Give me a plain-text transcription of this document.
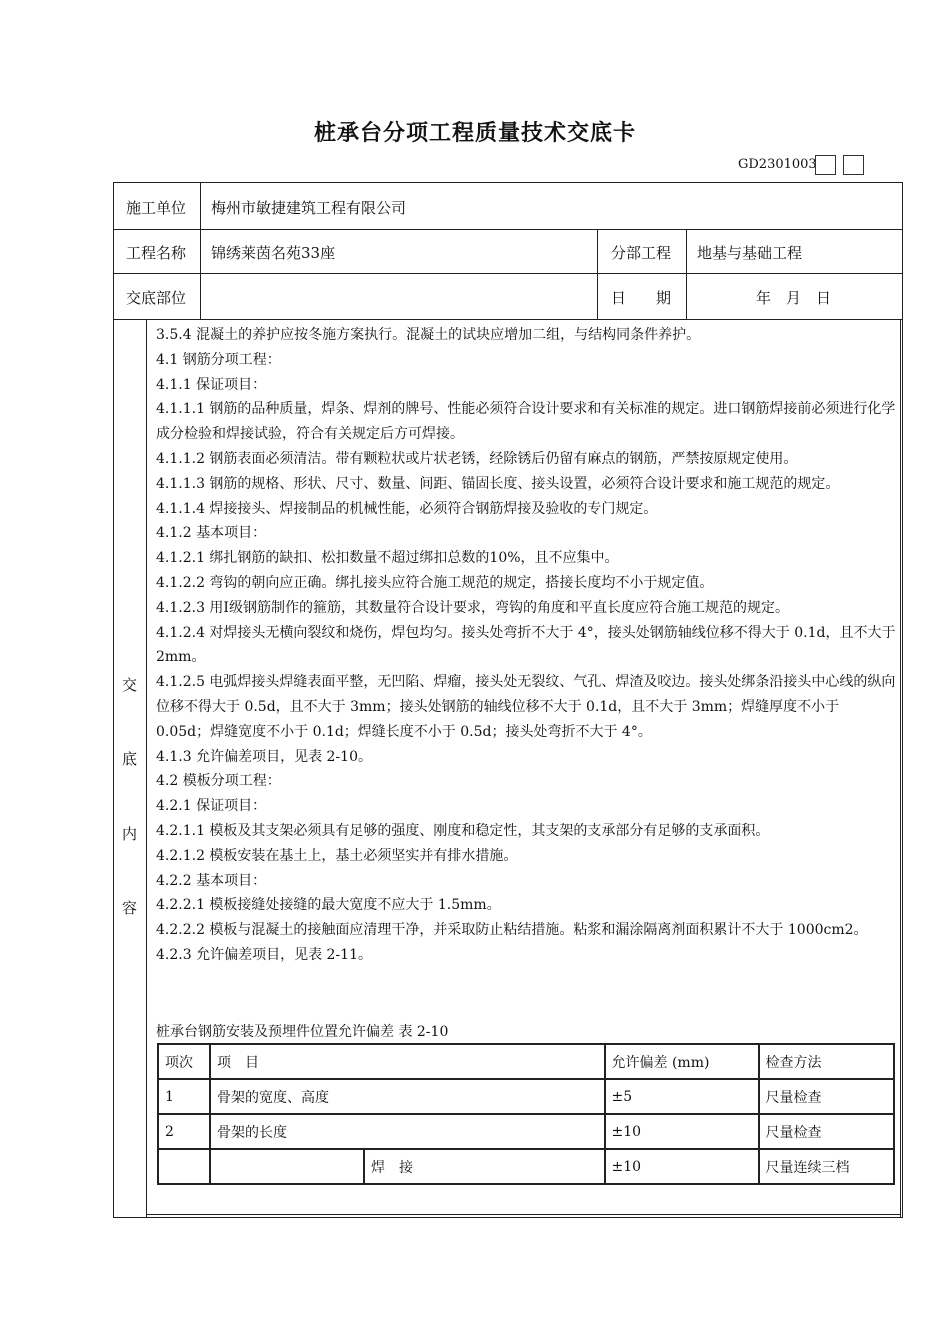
桩承台分项工程质量技术交底卡
GD2301003
施工单位 梅州市敏捷建筑工程有限公司
工程名称 锦绣莱茵名苑33座	分部工程 地基与基础工程
交底部位	日　　期	年　月　日
交
底
内
容

3.5.4 混凝土的养护应按冬施方案执行。混凝土的试块应增加二组，与结构同条件养护。

4.1 钢筋分项工程：

4.1.1 保证项目：

4.1.1.1 钢筋的品种质量，焊条、焊剂的牌号、性能必须符合设计要求和有关标准的规定。进口钢筋焊接前必须进行化学成分检验和焊接试验，符合有关规定后方可焊接。

4.1.1.2 钢筋表面必须清洁。带有颗粒状或片状老锈，经除锈后仍留有麻点的钢筋，严禁按原规定使用。

4.1.1.3 钢筋的规格、形状、尺寸、数量、间距、锚固长度、接头设置，必须符合设计要求和施工规范的规定。

4.1.1.4 焊接接头、焊接制品的机械性能，必须符合钢筋焊接及验收的专门规定。

4.1.2 基本项目：

4.1.2.1 绑扎钢筋的缺扣、松扣数量不超过绑扣总数的10%，且不应集中。

4.1.2.2 弯钩的朝向应正确。绑扎接头应符合施工规范的规定，搭接长度均不小于规定值。

4.1.2.3 用Ⅰ级钢筋制作的箍筋，其数量符合设计要求，弯钩的角度和平直长度应符合施工规范的规定。

4.1.2.4 对焊接头无横向裂纹和烧伤，焊包均匀。接头处弯折不大于 4°，接头处钢筋轴线位移不得大于 0.1d，且不大于 2mm。

4.1.2.5 电弧焊接头焊缝表面平整，无凹陷、焊瘤，接头处无裂纹、气孔、焊渣及咬边。接头处绑条沿接头中心线的纵向位移不得大于 0.5d，且不大于 3mm；接头处钢筋的轴线位移不大于 0.1d，且不大于 3mm；焊缝厚度不小于 0.05d；焊缝宽度不小于 0.1d；焊缝长度不小于 0.5d；接头处弯折不大于 4°。

4.1.3 允许偏差项目，见表 2-10。

4.2 模板分项工程：

4.2.1 保证项目：

4.2.1.1 模板及其支架必须具有足够的强度、刚度和稳定性，其支架的支承部分有足够的支承面积。

4.2.1.2 模板安装在基土上，基土必须坚实并有排水措施。

4.2.2 基本项目：

4.2.2.1 模板接缝处接缝的最大宽度不应大于 1.5mm。

4.2.2.2 模板与混凝土的接触面应清理干净，并采取防止粘结措施。粘浆和漏涂隔离剂面积累计不大于 1000cm2。

4.2.3 允许偏差项目，见表 2-11。

桩承台钢筋安装及预埋件位置允许偏差 表 2-10
项次	项　目		允许偏差 (mm)	检查方法
1	骨架的宽度、高度		±5	尺量检查
2	骨架的长度		±10	尺量检查
		焊　接	±10	尺量连续三档
